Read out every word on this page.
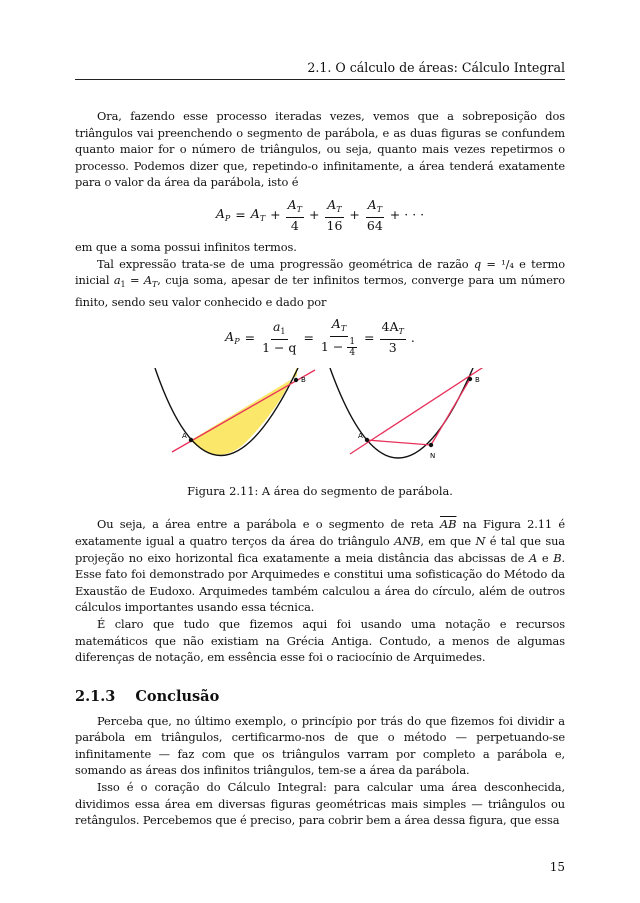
2.1. O cálculo de áreas: Cálculo Integral

Ora, fazendo esse processo iteradas vezes, vemos que a sobreposição dos triângulos vai preenchendo o segmento de parábola, e as duas figuras se confundem quanto maior for o número de triângulos, ou seja, quanto mais vezes repetirmos o processo. Podemos dizer que, repetindo-o infinitamente, a área tenderá exatamente para o valor da área da parábola, isto é

$A_P = A_T + \frac{A_T}{4} + \frac{A_T}{16} + \frac{A_T}{64}$ + · · ·

em que a soma possui infinitos termos.

Tal expressão trata-se de uma progressão geométrica de razão q = ¹/₄ e termo inicial $a_1 = A_T$, cuja soma, apesar de ter infinitos termos, converge para um número finito, sendo seu valor conhecido e dado por

$A_P = \frac{a_1}{1 - q} = \frac{A_T}{1 - \frac{1}{4}} = \frac{4A_T}{3}$ .
A
B
A
N
B
Figura 2.11: A área do segmento de parábola.

Ou seja, a área entre a parábola e o segmento de reta $\overline{AB}$ na Figura 2.11 é exatamente igual a quatro terços da área do triângulo ANB, em que N é tal que sua projeção no eixo horizontal fica exatamente a meia distância das abcissas de A e B. Esse fato foi demonstrado por Arquimedes e constitui uma sofisticação do Método da Exaustão de Eudoxo. Arquimedes também calculou a área do círculo, além de outros cálculos importantes usando essa técnica.

É claro que tudo que fizemos aqui foi usando uma notação e recursos matemáticos que não existiam na Grécia Antiga. Contudo, a menos de algumas diferenças de notação, em essência esse foi o raciocínio de Arquimedes.

2.1.3 Conclusão

Perceba que, no último exemplo, o princípio por trás do que fizemos foi dividir a parábola em triângulos, certificarmo-nos de que o método — perpetuando-se infinitamente — faz com que os triângulos varram por completo a parábola e, somando as áreas dos infinitos triângulos, tem-se a área da parábola.

Isso é o coração do Cálculo Integral: para calcular uma área desconhecida, dividimos essa área em diversas figuras geométricas mais simples — triângulos ou retângulos. Percebemos que é preciso, para cobrir bem a área dessa figura, que essa

15
